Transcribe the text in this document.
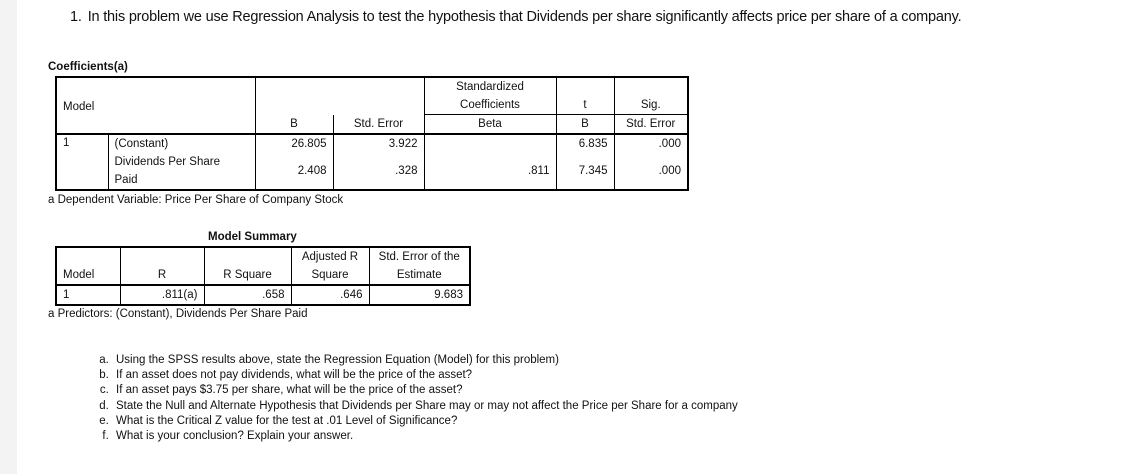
1. In this problem we use Regression Analysis to test the hypothesis that Dividends per share significantly affects price per share of a company.
Coefficients(a)
Model				Standardized		
				Coefficients	t	Sig.
		B	Std. Error	Beta	B	Std. Error
1	(Constant)	26.805	3.922		6.835	.000
	Dividends Per Share	2.408	.328	.811	7.345	.000
	Paid					
a Dependent Variable: Price Per Share of Company Stock
Model Summary
			Adjusted R	Std. Error of the
Model	R	R Square	Square	Estimate
1	.811(a)	.658	.646	9.683
a Predictors: (Constant), Dividends Per Share Paid
a. Using the SPSS results above, state the Regression Equation (Model) for this problem)
b. If an asset does not pay dividends, what will be the price of the asset?
c. If an asset pays $3.75 per share, what will be the price of the asset?
d. State the Null and Alternate Hypothesis that Dividends per Share may or may not affect the Price per Share for a company
e. What is the Critical Z value for the test at .01 Level of Significance?
f. What is your conclusion? Explain your answer.
